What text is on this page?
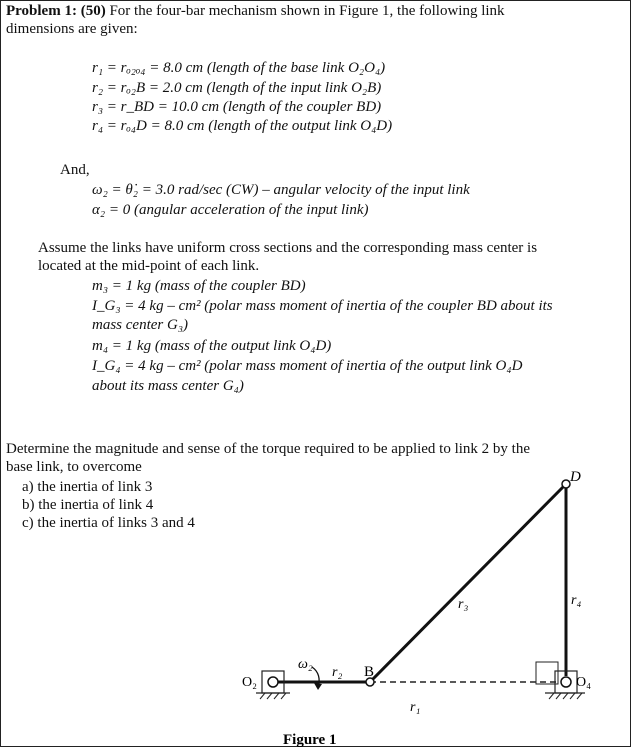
Problem 1: (50) For the four-bar mechanism shown in Figure 1, the following link
dimensions are given:
r₁ = rₒ₂ₒ₄ = 8.0 cm (length of the base link O₂O₄)
r₂ = rₒ₂B = 2.0 cm (length of the input link O₂B)
r₃ = r_BD = 10.0 cm (length of the coupler BD)
r₄ = rₒ₄D = 8.0 cm (length of the output link O₄D)
And,
ω₂ = θ̇₂ = 3.0 rad/sec (CW) – angular velocity of the input link
α₂ = 0 (angular acceleration of the input link)
Assume the links have uniform cross sections and the corresponding mass center is
located at the mid-point of each link.
m₃ = 1 kg (mass of the coupler BD)
I_G₃ = 4 kg – cm² (polar mass moment of inertia of the coupler BD about its
mass center G₃)
m₄ = 1 kg (mass of the output link O₄D)
I_G₄ = 4 kg – cm² (polar mass moment of inertia of the output link O₄D
about its mass center G₄)
Determine the magnitude and sense of the torque required to be applied to link 2 by the
base link, to overcome
a) the inertia of link 3
b) the inertia of link 4
c) the inertia of links 3 and 4
D
B
O₂	O₄
ω₂
r₂
r₁
r₃	r₄
Figure 1
